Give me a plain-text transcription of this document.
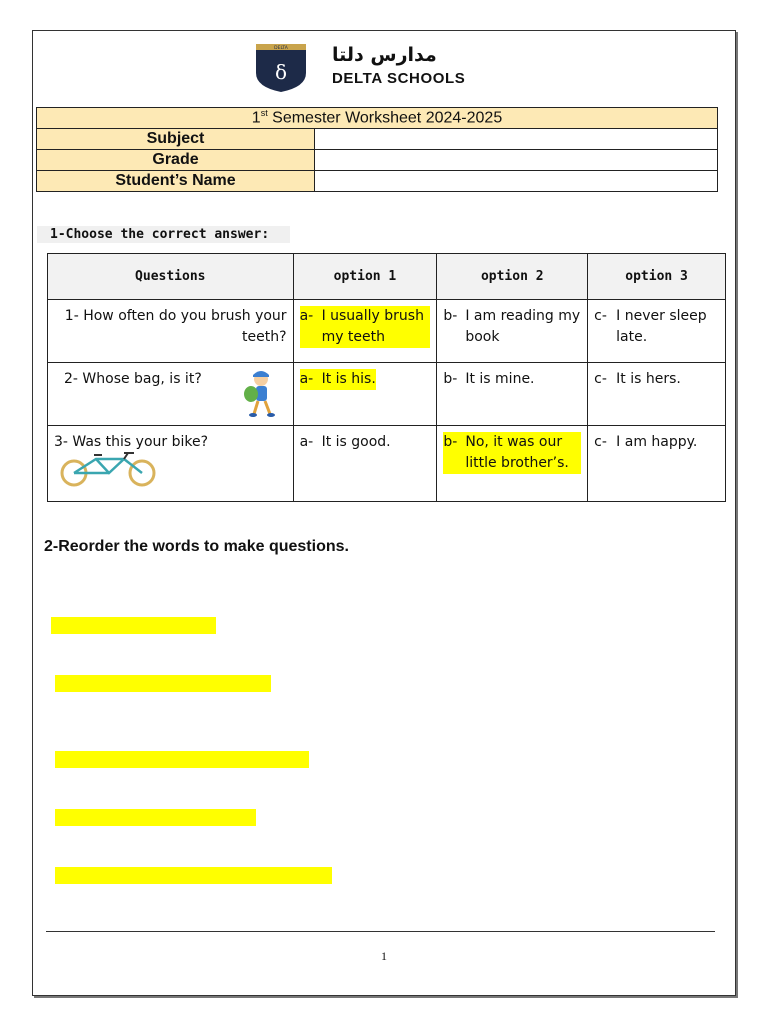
DELTA
δ
مدارس دلتا
DELTA SCHOOLS
1st Semester Worksheet 2024-2025	
Subject	
Grade	
Student’s Name	
1-Choose the correct answer:
Questions	option 1	option 2	option 3
1- How often do you brush your teeth?	a- I usually brush my teeth	b- I am reading my book	c- I never sleep late.

2- Whose bag, is it?	a- It is his.	b- It is mine.	c- It is hers.

3- Was this your bike?	a- It is good.	b- No, it was our little brother’s.	c- I am happy.
2-Reorder the words to make questions.
1
